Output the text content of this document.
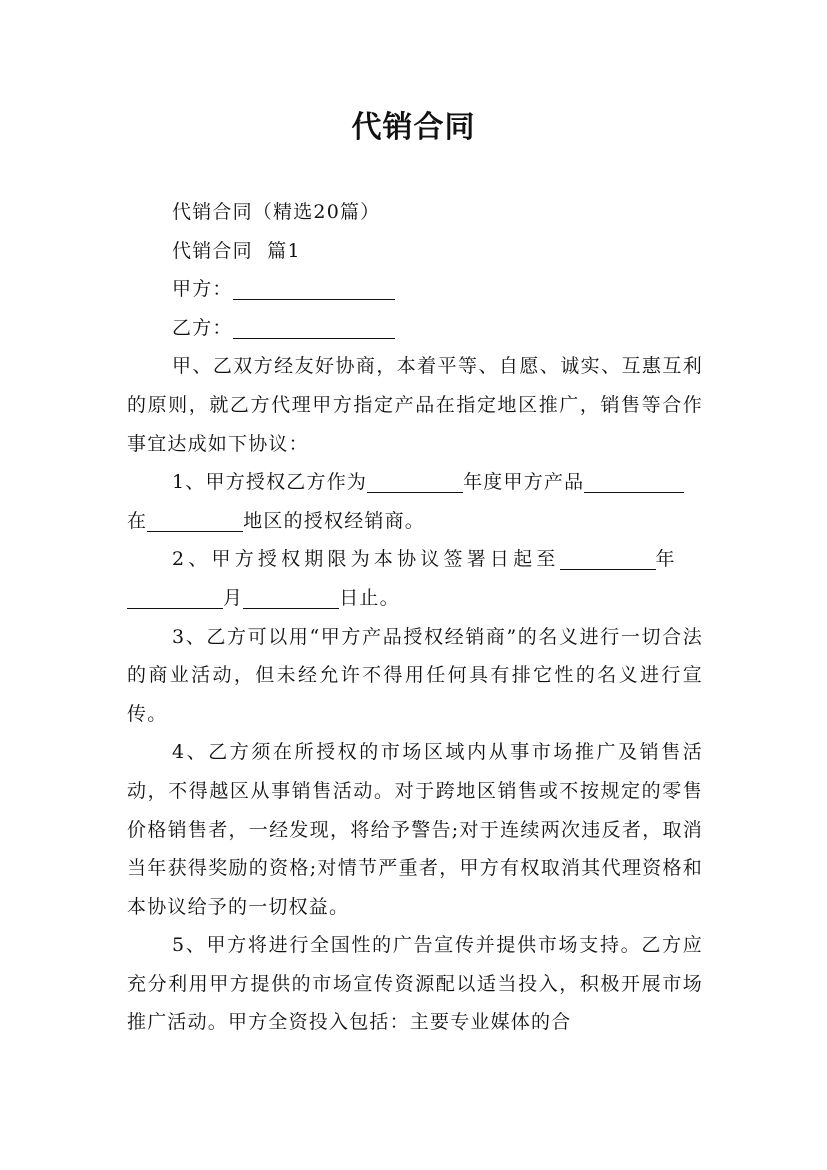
代销合同

代销合同（精选20篇）

代销合同  篇1

甲方：

乙方：

甲、乙双方经友好协商，本着平等、自愿、诚实、互惠互利的原则，就乙方代理甲方指定产品在指定地区推广，销售等合作事宜达成如下协议：

1、甲方授权乙方作为	年度甲方产品

在	地区的授权经销商。

2、甲方授权期限为本协议签署日起至	年

月	日止。

3、乙方可以用“甲方产品授权经销商”的名义进行一切合法的商业活动，但未经允许不得用任何具有排它性的名义进行宣传。

4、乙方须在所授权的市场区域内从事市场推广及销售活动，不得越区从事销售活动。对于跨地区销售或不按规定的零售价格销售者，一经发现，将给予警告;对于连续两次违反者，取消当年获得奖励的资格;对情节严重者，甲方有权取消其代理资格和本协议给予的一切权益。

5、甲方将进行全国性的广告宣传并提供市场支持。乙方应充分利用甲方提供的市场宣传资源配以适当投入，积极开展市场推广活动。甲方全资投入包括：主要专业媒体的合
